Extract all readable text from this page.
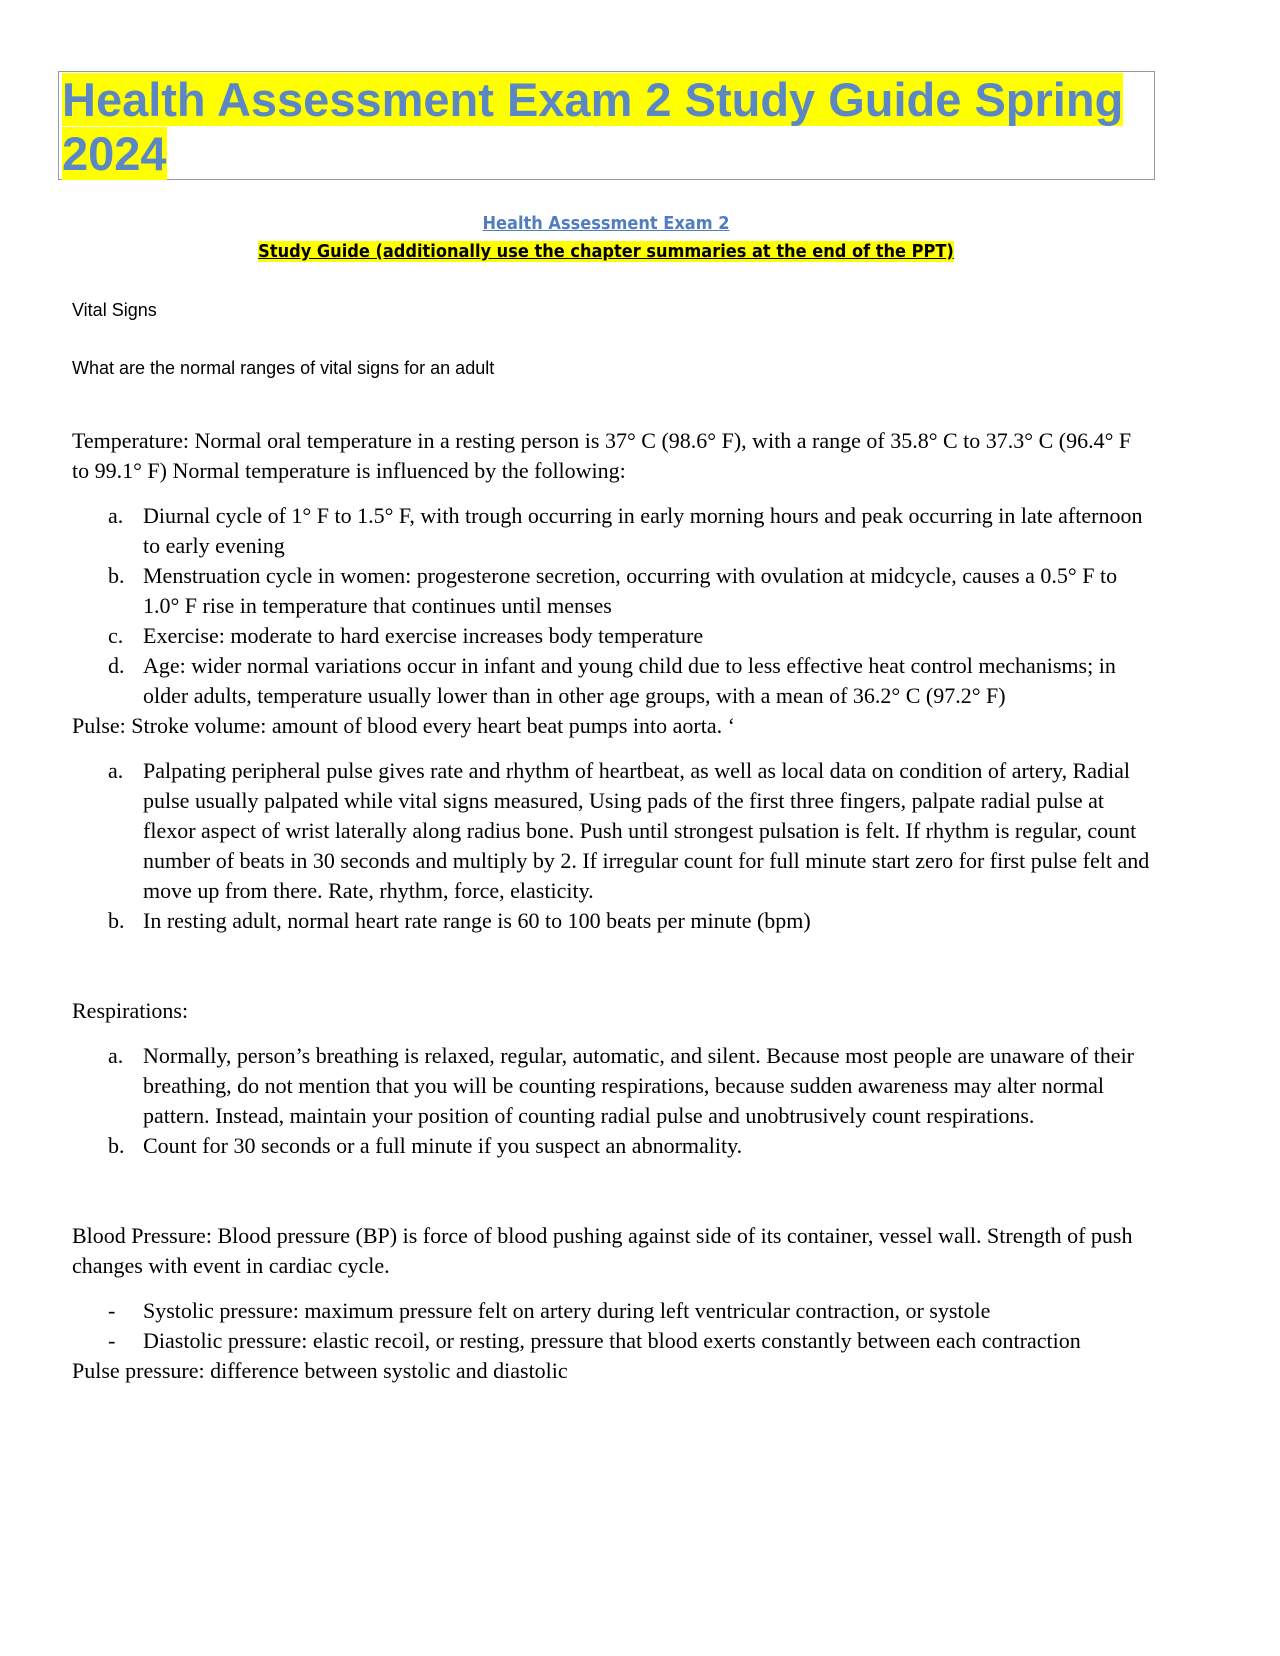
Health Assessment Exam 2 Study Guide Spring
2024
Health Assessment Exam 2
Study Guide (additionally use the chapter summaries at the end of the PPT)
Vital Signs
What are the normal ranges of vital signs for an adult

Temperature: Normal oral temperature in a resting person is 37° C (98.6° F), with a range of 35.8° C to 37.3° C (96.4° F to 99.1° F) Normal temperature is influenced by the following:

a. Diurnal cycle of 1° F to 1.5° F, with trough occurring in early morning hours and peak occurring in late afternoon to early evening
b. Menstruation cycle in women: progesterone secretion, occurring with ovulation at midcycle, causes a 0.5° F to 1.0° F rise in temperature that continues until menses
c. Exercise: moderate to hard exercise increases body temperature
d. Age: wider normal variations occur in infant and young child due to less effective heat control mechanisms; in older adults, temperature usually lower than in other age groups, with a mean of 36.2° C (97.2° F)

Pulse: Stroke volume: amount of blood every heart beat pumps into aorta. ‘

a. Palpating peripheral pulse gives rate and rhythm of heartbeat, as well as local data on condition of artery, Radial pulse usually palpated while vital signs measured, Using pads of the first three fingers, palpate radial pulse at flexor aspect of wrist laterally along radius bone. Push until strongest pulsation is felt. If rhythm is regular, count number of beats in 30 seconds and multiply by 2. If irregular count for full minute start zero for first pulse felt and move up from there. Rate, rhythm, force, elasticity.
b. In resting adult, normal heart rate range is 60 to 100 beats per minute (bpm)

Respirations:

a. Normally, person’s breathing is relaxed, regular, automatic, and silent. Because most people are unaware of their breathing, do not mention that you will be counting respirations, because sudden awareness may alter normal pattern. Instead, maintain your position of counting radial pulse and unobtrusively count respirations.
b. Count for 30 seconds or a full minute if you suspect an abnormality.

Blood Pressure: Blood pressure (BP) is force of blood pushing against side of its container, vessel wall. Strength of push changes with event in cardiac cycle.

- Systolic pressure: maximum pressure felt on artery during left ventricular contraction, or systole
- Diastolic pressure: elastic recoil, or resting, pressure that blood exerts constantly between each contraction

Pulse pressure: difference between systolic and diastolic
